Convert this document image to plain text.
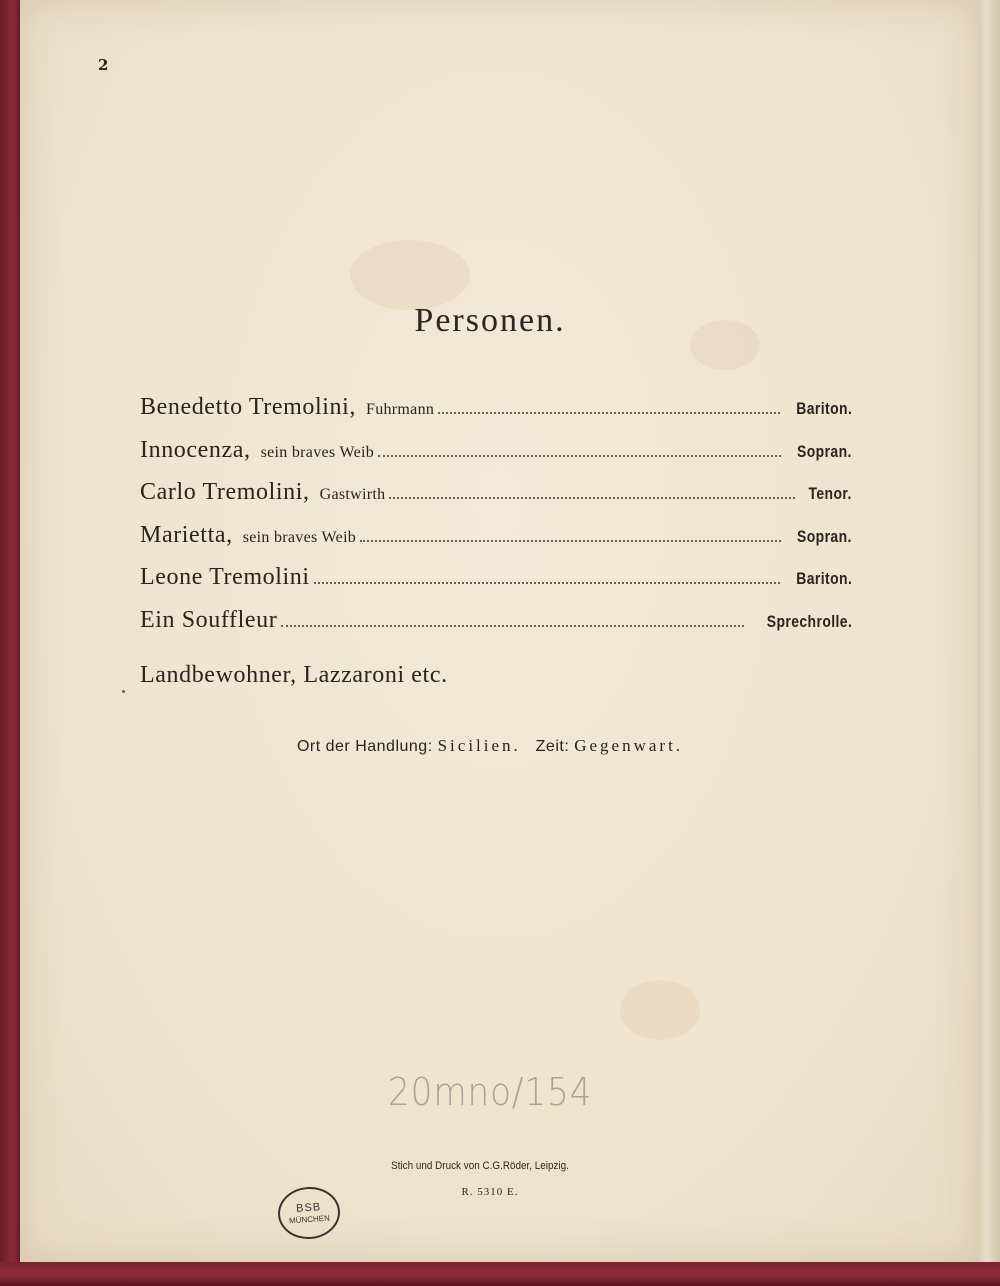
2
Personen.
Benedetto Tremolini, Fuhrmann	Bariton.
Innocenza, sein braves Weib	Sopran.
Carlo Tremolini, Gastwirth	Tenor.
Marietta, sein braves Weib	Sopran.
Leone Tremolini	Bariton.
Ein Souffleur	Sprechrolle.
Landbewohner, Lazzaroni etc.
Ort der Handlung: Sicilien. Zeit: Gegenwart.
20mno/154
Stich und Druck von C.G.Röder, Leipzig.
R. 5310 E.
BSB
MÜNCHEN
